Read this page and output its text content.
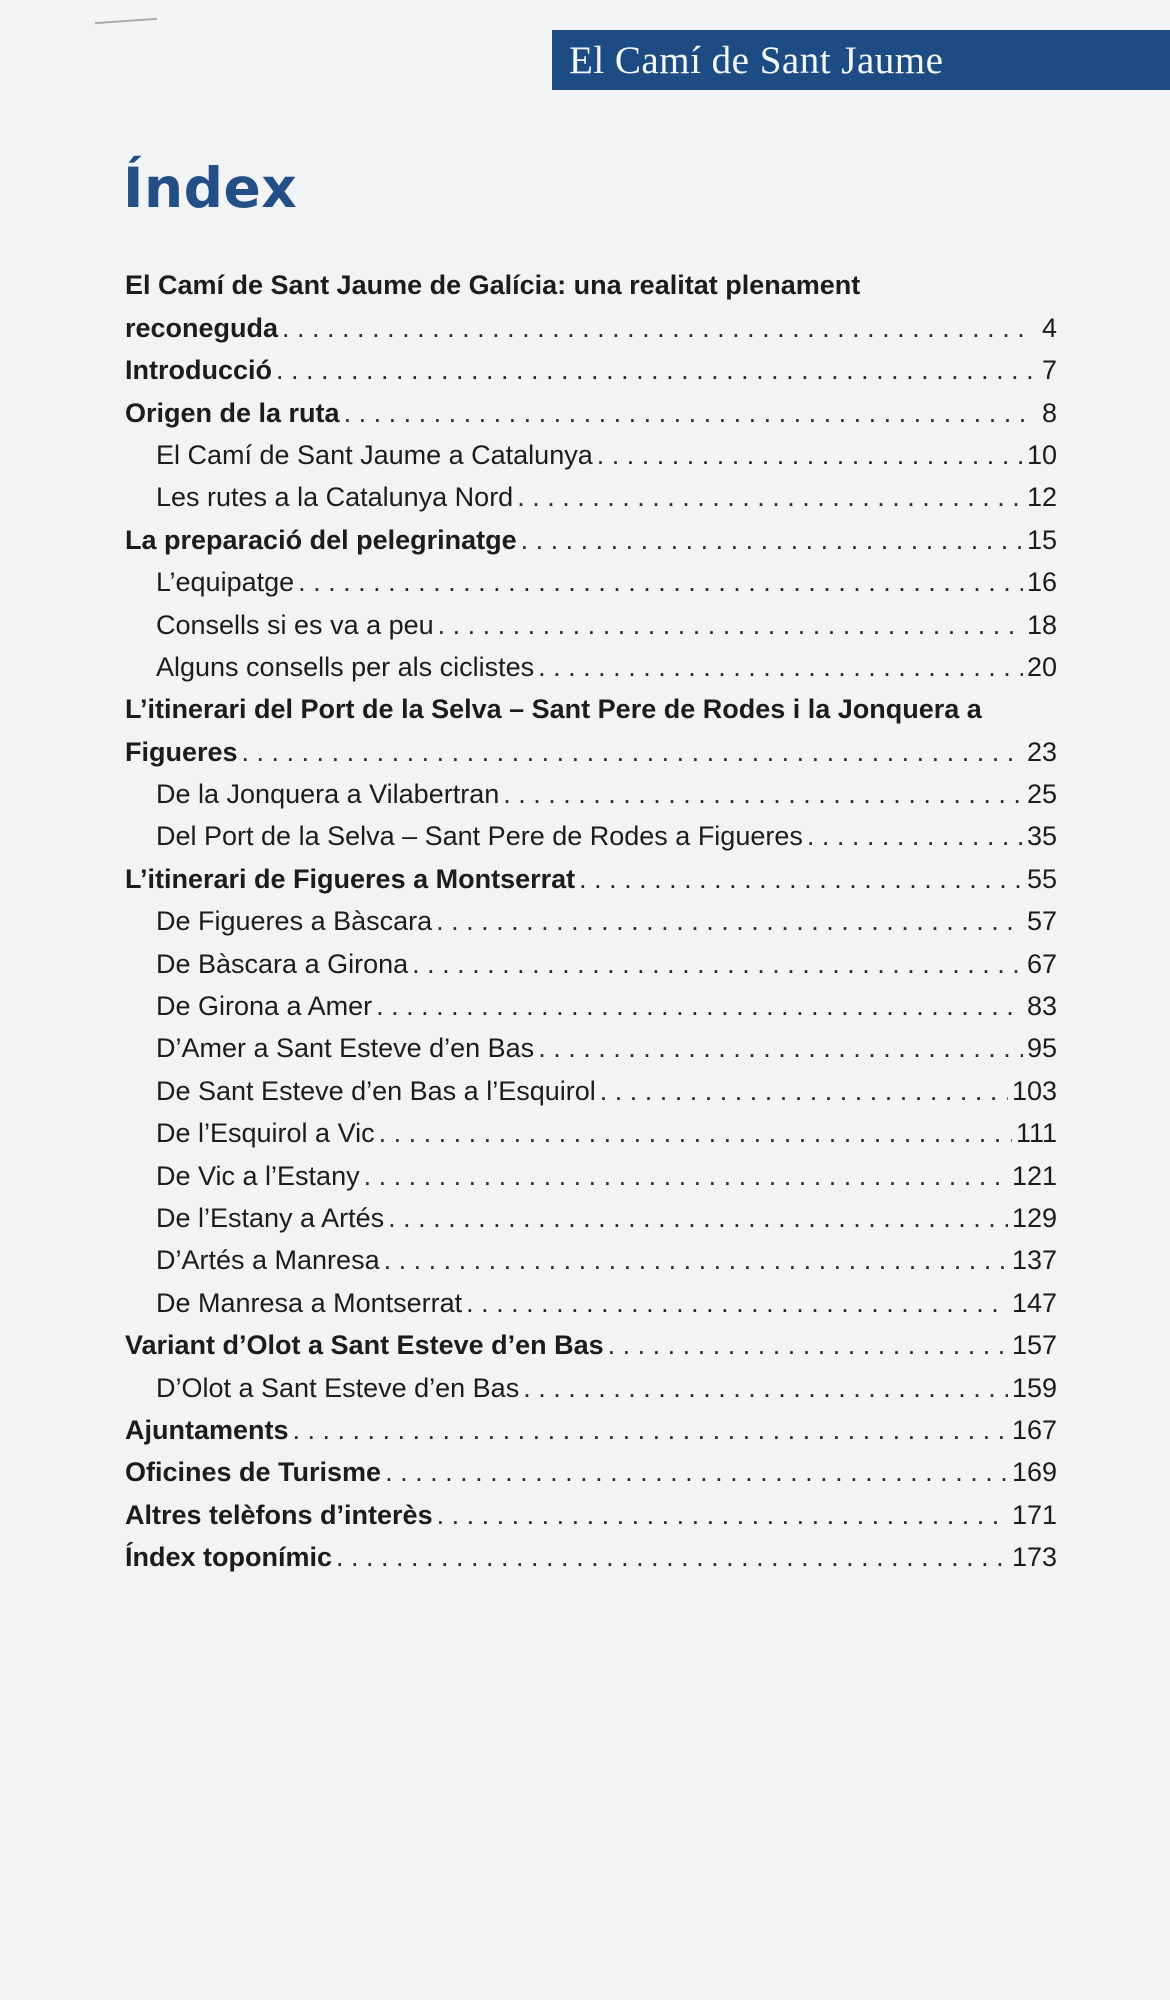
El Camí de Sant Jaume
Índex
El Camí de Sant Jaume de Galícia: una realitat plenament
reconeguda . . .	4
Introducció . . .	7
Origen de la ruta . . .	8
El Camí de Sant Jaume a Catalunya . . .	10
Les rutes a la Catalunya Nord . . .	12
La preparació del pelegrinatge . . .	15
L’equipatge . . .	16
Consells si es va a peu . . .	18
Alguns consells per als ciclistes . . .	20
L’itinerari del Port de la Selva – Sant Pere de Rodes i la Jonquera a
Figueres . . .	23
De la Jonquera a Vilabertran . . .	25
Del Port de la Selva – Sant Pere de Rodes a Figueres . . .	35
L’itinerari de Figueres a Montserrat . . .	55
De Figueres a Bàscara . . .	57
De Bàscara a Girona . . .	67
De Girona a Amer . . .	83
D’Amer a Sant Esteve d’en Bas . . .	95
De Sant Esteve d’en Bas a l’Esquirol . . .	103
De l’Esquirol a Vic . . .	111
De Vic a l’Estany . . .	121
De l’Estany a Artés . . .	129
D’Artés a Manresa . . .	137
De Manresa a Montserrat . . .	147
Variant d’Olot a Sant Esteve d’en Bas . . .	157
D’Olot a Sant Esteve d’en Bas . . .	159
Ajuntaments . . .	167
Oficines de Turisme . . .	169
Altres telèfons d’interès . . .	171
Índex toponímic . . .	173
